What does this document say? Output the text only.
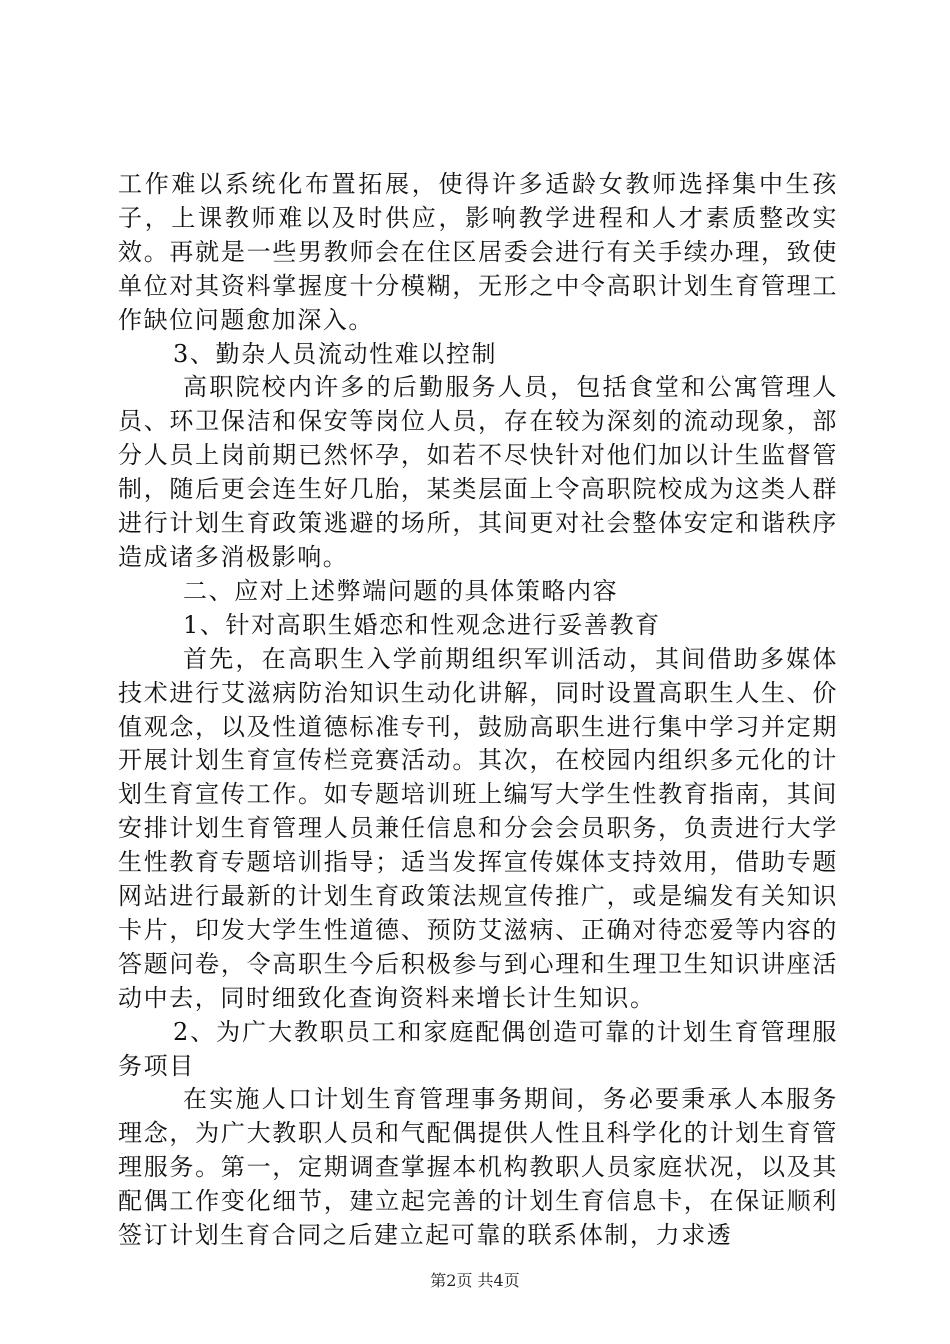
工作难以系统化布置拓展，使得许多适龄女教师选择集中生孩子，上课教师难以及时供应，影响教学进程和人才素质整改实效。再就是一些男教师会在住区居委会进行有关手续办理，致使单位对其资料掌握度十分模糊，无形之中令高职计划生育管理工作缺位问题愈加深入。

3、勤杂人员流动性难以控制

高职院校内许多的后勤服务人员，包括食堂和公寓管理人员、环卫保洁和保安等岗位人员，存在较为深刻的流动现象，部分人员上岗前期已然怀孕，如若不尽快针对他们加以计生监督管制，随后更会连生好几胎，某类层面上令高职院校成为这类人群进行计划生育政策逃避的场所，其间更对社会整体安定和谐秩序造成诸多消极影响。

二、应对上述弊端问题的具体策略内容

1、针对高职生婚恋和性观念进行妥善教育

首先，在高职生入学前期组织军训活动，其间借助多媒体技术进行艾滋病防治知识生动化讲解，同时设置高职生人生、价值观念，以及性道德标准专刊，鼓励高职生进行集中学习并定期开展计划生育宣传栏竞赛活动。其次，在校园内组织多元化的计划生育宣传工作。如专题培训班上编写大学生性教育指南，其间安排计划生育管理人员兼任信息和分会会员职务，负责进行大学生性教育专题培训指导；适当发挥宣传媒体支持效用，借助专题网站进行最新的计划生育政策法规宣传推广，或是编发有关知识卡片，印发大学生性道德、预防艾滋病、正确对待恋爱等内容的答题问卷，令高职生今后积极参与到心理和生理卫生知识讲座活动中去，同时细致化查询资料来增长计生知识。

2、为广大教职员工和家庭配偶创造可靠的计划生育管理服务项目

在实施人口计划生育管理事务期间，务必要秉承人本服务理念，为广大教职人员和气配偶提供人性且科学化的计划生育管理服务。第一，定期调查掌握本机构教职人员家庭状况，以及其配偶工作变化细节，建立起完善的计划生育信息卡，在保证顺利签订计划生育合同之后建立起可靠的联系体制，力求透

第2页 共4页
